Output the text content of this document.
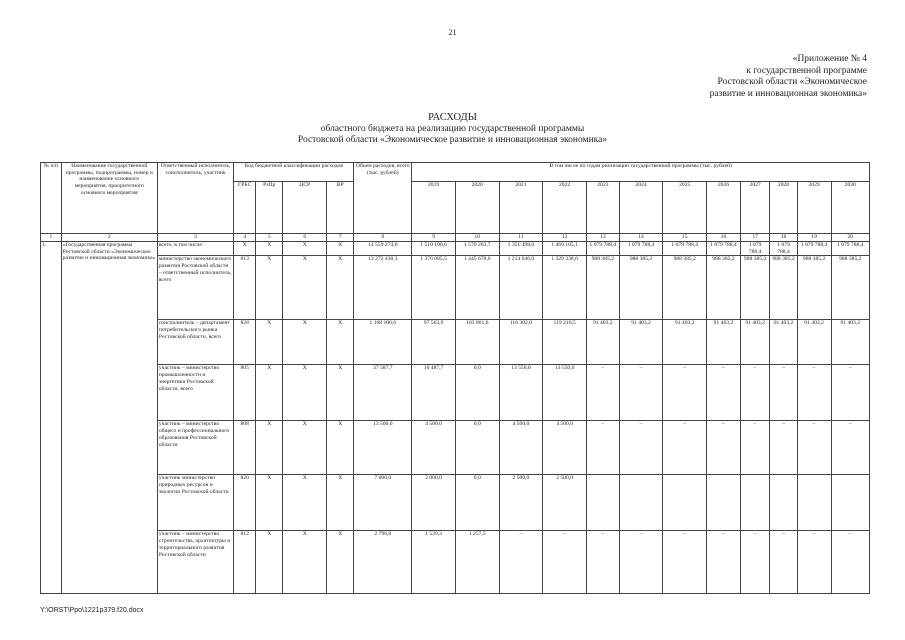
21
«Приложение № 4
к государственной программе
Ростовской области «Экономическое
развитие и инновационная экономика»
РАСХОДЫ
областного бюджета на реализацию государственной программы
Ростовской области «Экономическое развитие и инновационная экономика»
№ п/п	Наименование государственной программы, подпрограммы, номер и наименование основного мероприятия, приоритетного основного мероприятия	Ответственный исполнитель, соисполнитель, участник	Код бюджетной классификации расходов				Объем расходов, всего (тыс. рублей)	В том числе по годам реализации государственной программы (тыс. рублей)											
			ГРБС	РзПр	ЦСР	ВР		2019	2020	2021	2022	2023	2024	2025	2026	2027	2028	2029	2030
1	2	3	4	5	6	7	8	9	10	11	12	13	14	15	16	17	18	19	20
1.	«Государственная программа Ростовской области «Экономическое развитие и инновационная экономика»	всего, в том числе:	X	X	X	X	14 559 274,6	1 510 100,6	1 570 263,7	1 351 498,0	1 469 105,1	1 079 788,4	1 079 788,4	1 079 788,4	1 079 788,4	1 079 788,4	1 079 788,4	1 079 788,4	1 079 788,4
		министерство экономического развития Ростовской области – ответственный исполнитель, всего	813	X	X	X	13 272 430,3	1 376 085,5	1 445 678,6	1 214 646,0	1 329 338,6	988 385,2	988 385,2	988 385,2	988 385,2	988 385,2	988 385,2	988 385,2	988 385,2
		соисполнитель – департамент потребительского рынка Ростовской области, всего	828	X	X	X	1 168 106,6	97 563,9	103 861,6	116 302,0	119 216,5	91 403,2	91 403,2	91 403,2	91 403,2	91 403,2	91 403,2	91 403,2	91 403,2
		участник – министерство промышленности и энергетики Ростовской области, всего	805	X	X	X	37 587,7	10 487,7	0,0	13 550,0	13 550,0	–	–	–	–	–	–	–	–
		участник – министерство общего и профессионального образования Ростовской области	808	X	X	X	13 500,0	4 500,0	0,0	4 500,0	4 500,0	–	–	–	–	–	–	–	–
		участник министерство природных ресурсов и экологии Ростовской области	820	X	X	X	7 000,0	2 000,0	0,0	2 500,0	2 500,0								
		участник – министерство строительства, архитектуры и территориального развития Ростовской области	812	X	X	X	2 796,8	1 539,3	1 257,5	–	–	–	–	–	–	–	–	–	–
Y:\ORST\Ppo\1221p379.f20.docx
